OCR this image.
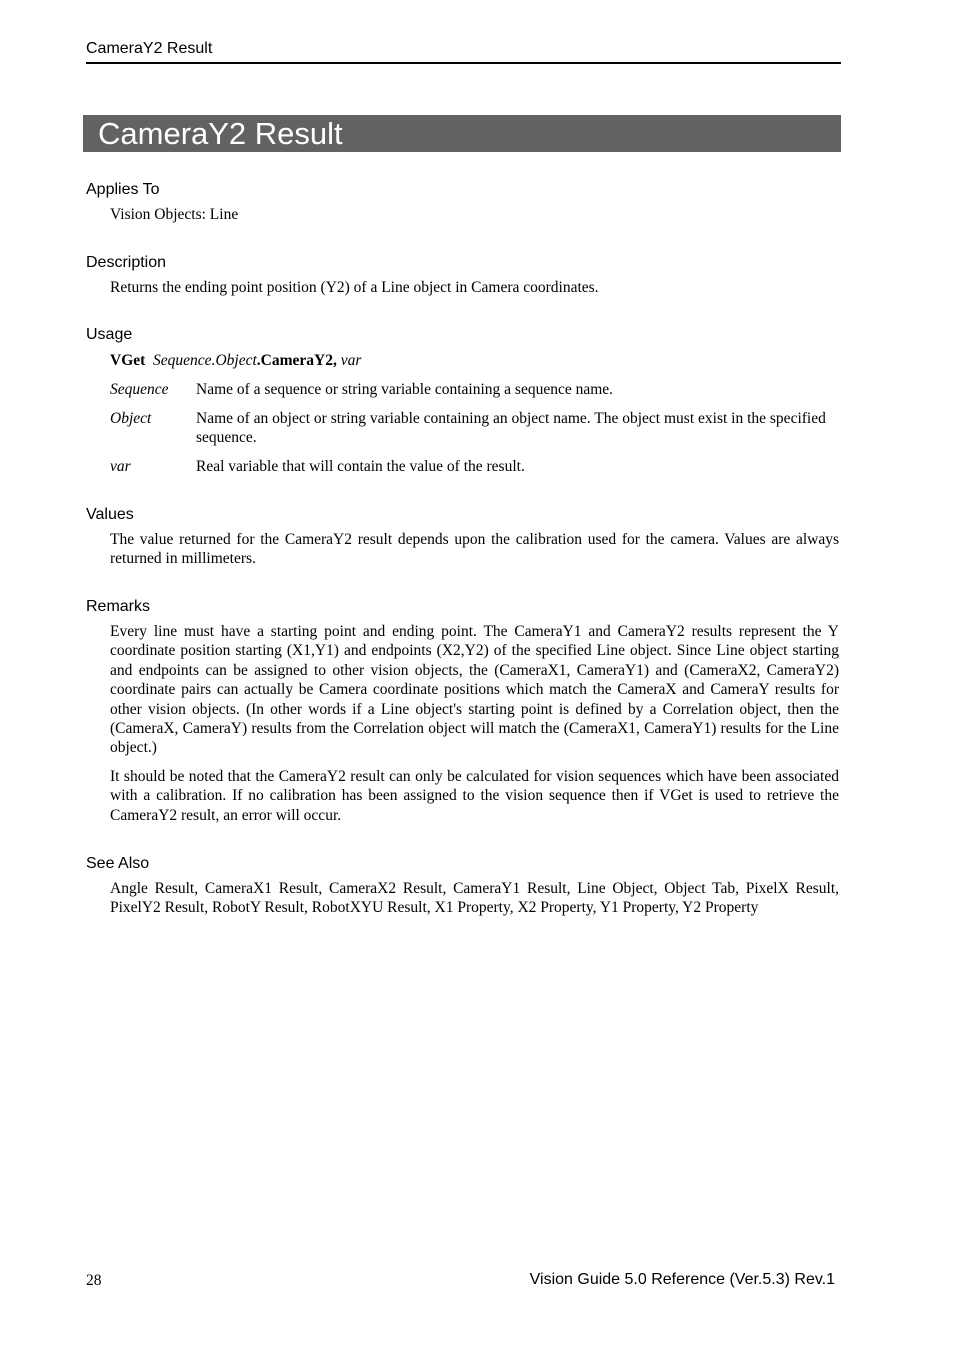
CameraY2 Result
CameraY2 Result
Applies To
Vision Objects: Line
Description
Returns the ending point position (Y2) of a Line object in Camera coordinates.
Usage
VGet Sequence.Object.CameraY2, var
Sequence Name of a sequence or string variable containing a sequence name.
Object	Name of an object or string variable containing an object name. The object must exist in the specified sequence.
var	Real variable that will contain the value of the result.
Values
The value returned for the CameraY2 result depends upon the calibration used for the camera. Values are always returned in millimeters.
Remarks
Every line must have a starting point and ending point. The CameraY1 and CameraY2 results represent the Y coordinate position starting (X1,Y1) and endpoints (X2,Y2) of the specified Line object. Since Line object starting and endpoints can be assigned to other vision objects, the (CameraX1, CameraY1) and (CameraX2, CameraY2) coordinate pairs can actually be Camera coordinate positions which match the CameraX and CameraY results for other vision objects. (In other words if a Line object's starting point is defined by a Correlation object, then the (CameraX, CameraY) results from the Correlation object will match the (CameraX1, CameraY1) results for the Line object.)
It should be noted that the CameraY2 result can only be calculated for vision sequences which have been associated with a calibration. If no calibration has been assigned to the vision sequence then if VGet is used to retrieve the CameraY2 result, an error will occur.
See Also
Angle Result, CameraX1 Result, CameraX2 Result, CameraY1 Result, Line Object, Object Tab, PixelX Result, PixelY2 Result, RobotY Result, RobotXYU Result, X1 Property, X2 Property, Y1 Property, Y2 Property
28	Vision Guide 5.0 Reference (Ver.5.3) Rev.1
